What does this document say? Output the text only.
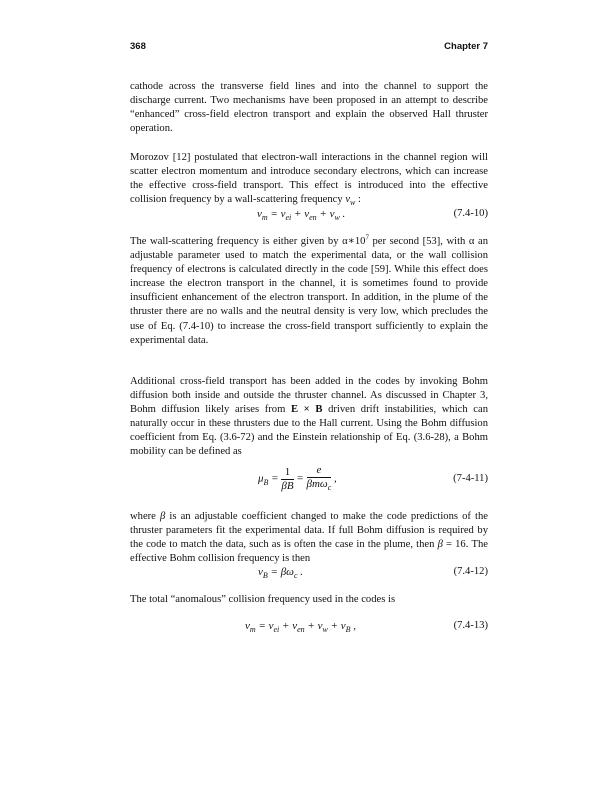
368	Chapter 7

cathode across the transverse field lines and into the channel to support the discharge current. Two mechanisms have been proposed in an attempt to describe “enhanced” cross-field electron transport and explain the observed Hall thruster operation.

Morozov [12] postulated that electron-wall interactions in the channel region will scatter electron momentum and introduce secondary electrons, which can increase the effective cross-field transport. This effect is introduced into the effective collision frequency by a wall-scattering frequency $\nu_w$ :

$\nu_m = \nu_{ei} + \nu_{en} + \nu_w$ .	(7.4-10)

The wall-scattering frequency is either given by $\alpha∗10^7$ per second [53], with α an adjustable parameter used to match the experimental data, or the wall collision frequency of electrons is calculated directly in the code [59]. While this effect does increase the electron transport in the channel, it is sometimes found to provide insufficient enhancement of the electron transport. In addition, in the plume of the thruster there are no walls and the neutral density is very low, which precludes the use of Eq. (7.4-10) to increase the cross-field transport sufficiently to explain the experimental data.

Additional cross-field transport has been added in the codes by invoking Bohm diffusion both inside and outside the thruster channel. As discussed in Chapter 3, Bohm diffusion likely arises from E × B driven drift instabilities, which can naturally occur in these thrusters due to the Hall current. Using the Bohm diffusion coefficient from Eq. (3.6-72) and the Einstein relationship of Eq. (3.6-28), a Bohm mobility can be defined as

$\mu_B = \frac{1}{\beta B} = \frac{e}{\beta m\omega_c}$ ,	(7-4-11)

where β is an adjustable coefficient changed to make the code predictions of the thruster parameters fit the experimental data. If full Bohm diffusion is required by the code to match the data, such as is often the case in the plume, then β = 16. The effective Bohm collision frequency is then

$\nu_B = \beta\omega_c$ .	(7.4-12)

The total “anomalous” collision frequency used in the codes is

$\nu_m = \nu_{ei} + \nu_{en} + \nu_w + \nu_B$ ,	(7.4-13)
